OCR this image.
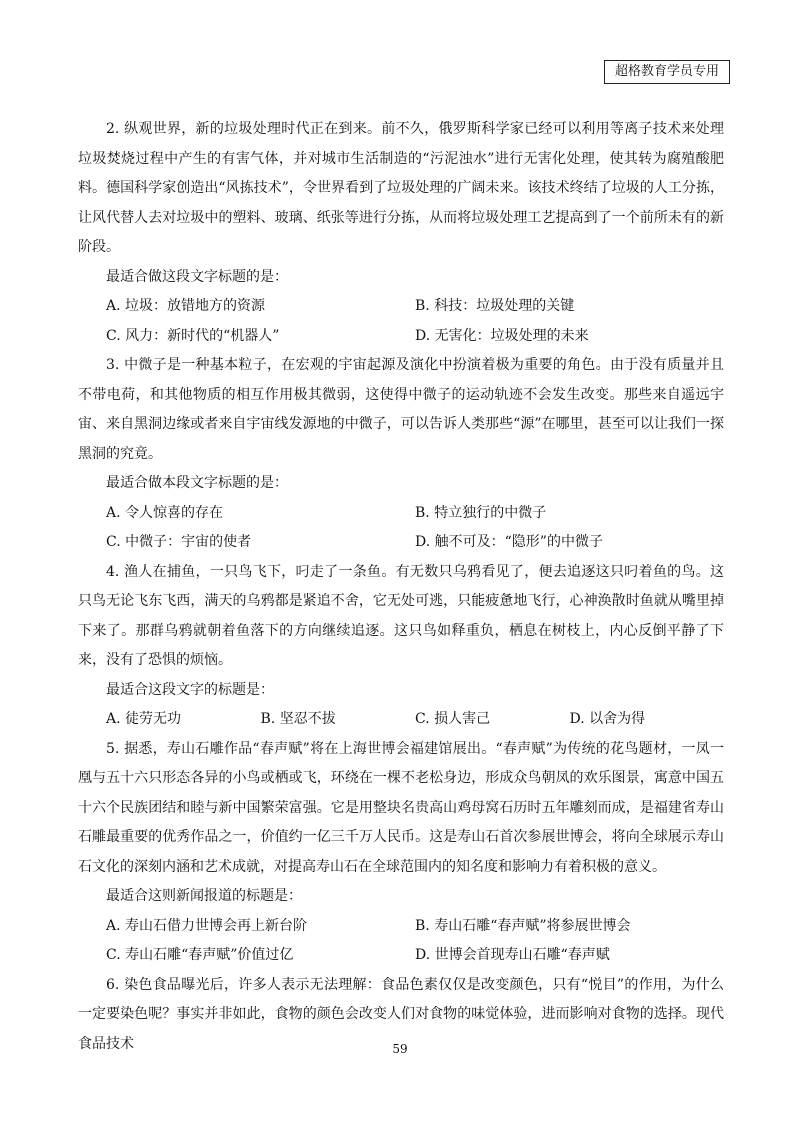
超格教育学员专用

2. 纵观世界，新的垃圾处理时代正在到来。前不久，俄罗斯科学家已经可以利用等离子技术来处理垃圾焚烧过程中产生的有害气体，并对城市生活制造的“污泥浊水”进行无害化处理，使其转为腐殖酸肥料。德国科学家创造出“风拣技术”，令世界看到了垃圾处理的广阔未来。该技术终结了垃圾的人工分拣，让风代替人去对垃圾中的塑料、玻璃、纸张等进行分拣，从而将垃圾处理工艺提高到了一个前所未有的新阶段。

最适合做这段文字标题的是：

A. 垃圾：放错地方的资源	B. 科技：垃圾处理的关键
C. 风力：新时代的“机器人”	D. 无害化：垃圾处理的未来

3. 中微子是一种基本粒子，在宏观的宇宙起源及演化中扮演着极为重要的角色。由于没有质量并且不带电荷，和其他物质的相互作用极其微弱，这使得中微子的运动轨迹不会发生改变。那些来自遥远宇宙、来自黑洞边缘或者来自宇宙线发源地的中微子，可以告诉人类那些“源”在哪里，甚至可以让我们一探黑洞的究竟。

最适合做本段文字标题的是：

A. 令人惊喜的存在	B. 特立独行的中微子
C. 中微子：宇宙的使者	D. 触不可及：“隐形”的中微子

4. 渔人在捕鱼，一只鸟飞下，叼走了一条鱼。有无数只乌鸦看见了，便去追逐这只叼着鱼的鸟。这只鸟无论飞东飞西，满天的乌鸦都是紧追不舍，它无处可逃，只能疲惫地飞行，心神涣散时鱼就从嘴里掉下来了。那群乌鸦就朝着鱼落下的方向继续追逐。这只鸟如释重负，栖息在树枝上，内心反倒平静了下来，没有了恐惧的烦恼。

最适合这段文字的标题是：

A. 徒劳无功	B. 坚忍不拔	C. 损人害己	D. 以舍为得

5. 据悉，寿山石雕作品“春声赋”将在上海世博会福建馆展出。“春声赋”为传统的花鸟题材，一凤一凰与五十六只形态各异的小鸟或栖或飞，环绕在一棵不老松身边，形成众鸟朝凤的欢乐图景，寓意中国五十六个民族团结和睦与新中国繁荣富强。它是用整块名贵高山鸡母窝石历时五年雕刻而成，是福建省寿山石雕最重要的优秀作品之一，价值约一亿三千万人民币。这是寿山石首次参展世博会，将向全球展示寿山石文化的深刻内涵和艺术成就，对提高寿山石在全球范围内的知名度和影响力有着积极的意义。

最适合这则新闻报道的标题是：

A. 寿山石借力世博会再上新台阶	B. 寿山石雕“春声赋”将参展世博会
C. 寿山石雕“春声赋”价值过亿	D. 世博会首现寿山石雕“春声赋

6. 染色食品曝光后，许多人表示无法理解：食品色素仅仅是改变颜色，只有“悦目”的作用，为什么一定要染色呢？事实并非如此，食物的颜色会改变人们对食物的味觉体验，进而影响对食物的选择。现代食品技术	59
